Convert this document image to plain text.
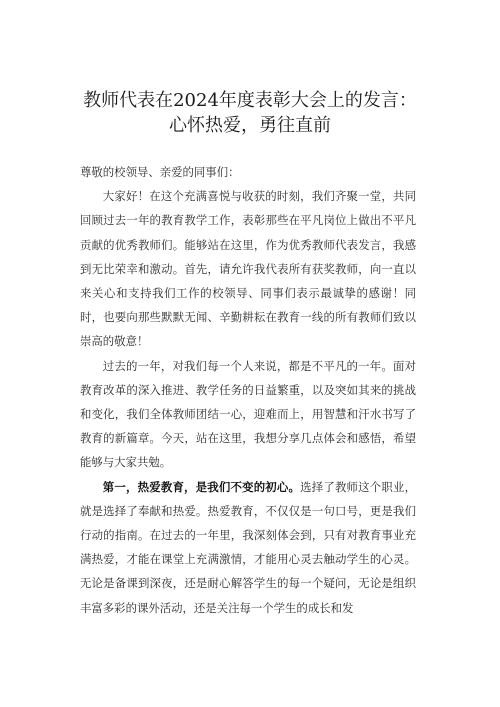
教师代表在2024年度表彰大会上的发言：
心怀热爱，勇往直前

尊敬的校领导、亲爱的同事们：

大家好！在这个充满喜悦与收获的时刻，我们齐聚一堂，共同回顾过去一年的教育教学工作，表彰那些在平凡岗位上做出不平凡贡献的优秀教师们。能够站在这里，作为优秀教师代表发言，我感到无比荣幸和激动。首先，请允许我代表所有获奖教师，向一直以来关心和支持我们工作的校领导、同事们表示最诚挚的感谢！同时，也要向那些默默无闻、辛勤耕耘在教育一线的所有教师们致以崇高的敬意！

过去的一年，对我们每一个人来说，都是不平凡的一年。面对教育改革的深入推进、教学任务的日益繁重，以及突如其来的挑战和变化，我们全体教师团结一心，迎难而上，用智慧和汗水书写了教育的新篇章。今天，站在这里，我想分享几点体会和感悟，希望能够与大家共勉。

第一，热爱教育，是我们不变的初心。选择了教师这个职业，就是选择了奉献和热爱。热爱教育，不仅仅是一句口号，更是我们行动的指南。在过去的一年里，我深刻体会到，只有对教育事业充满热爱，才能在课堂上充满激情，才能用心灵去触动学生的心灵。无论是备课到深夜，还是耐心解答学生的每一个疑问，无论是组织丰富多彩的课外活动，还是关注每一个学生的成长和发
